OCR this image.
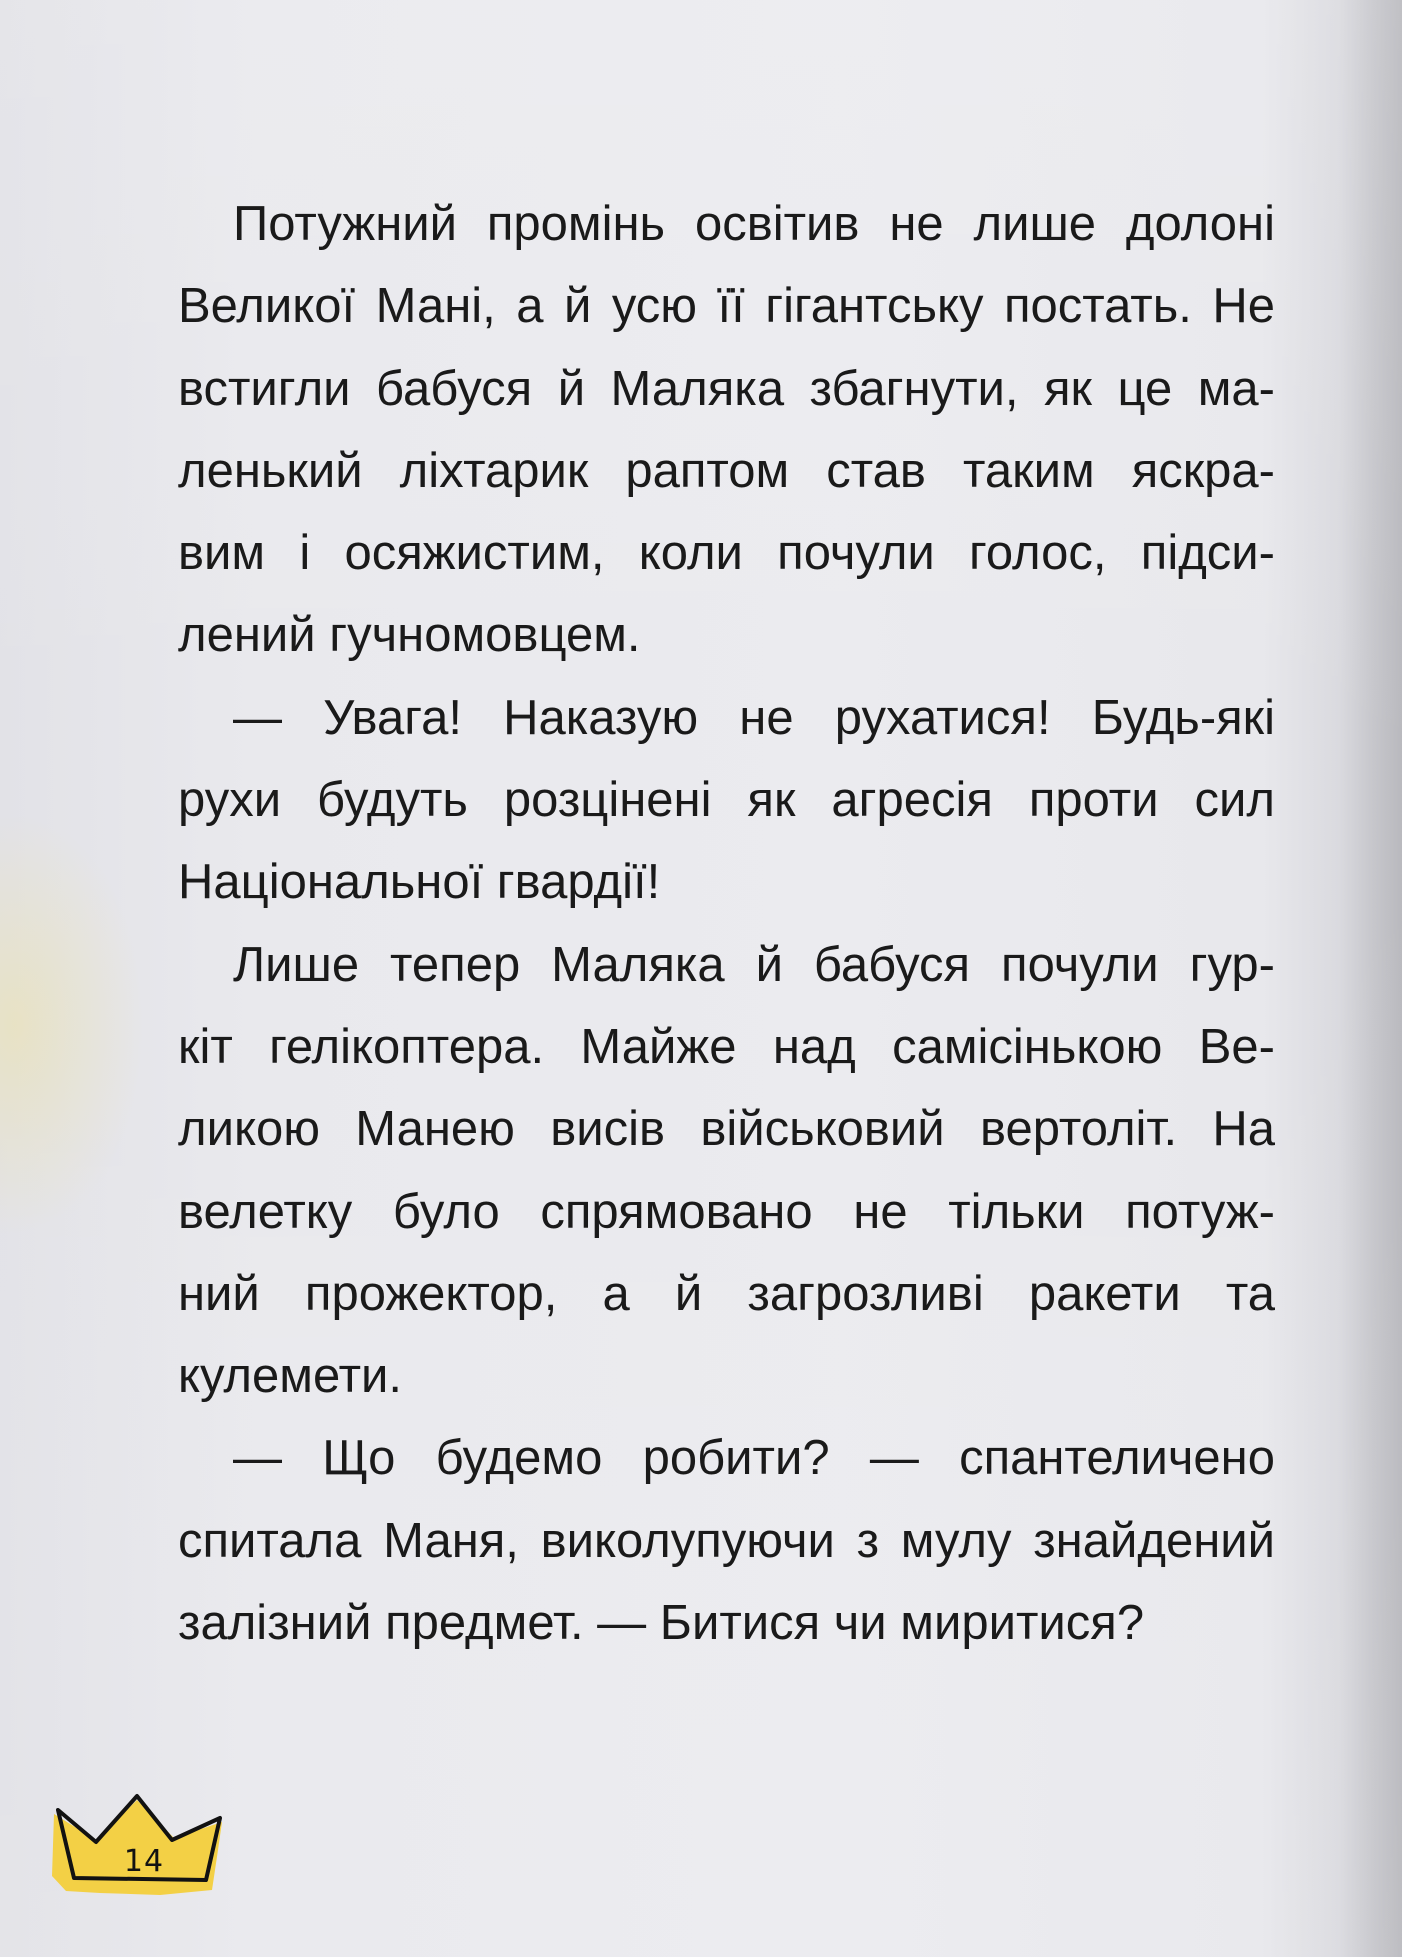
Потужний промінь освітив не лише долоні
Великої Мані, а й усю її гігантську постать. Не
встигли бабуся й Маляка збагнути, як це ма-
ленький ліхтарик раптом став таким яскра-
вим і осяжистим, коли почули голос, підси-
лений гучномовцем.
— Увага! Наказую не рухатися! Будь-які
рухи будуть розцінені як агресія проти сил
Національної гвардії!
Лише тепер Маляка й бабуся почули гур-
кіт гелікоптера. Майже над самісінькою Ве-
ликою Манею висів військовий вертоліт. На
велетку було спрямовано не тільки потуж-
ний прожектор, а й загрозливі ракети та
кулемети.
— Що будемо робити? — спантеличено
спитала Маня, виколупуючи з мулу знайдений
залізний предмет. — Битися чи миритися?
14
